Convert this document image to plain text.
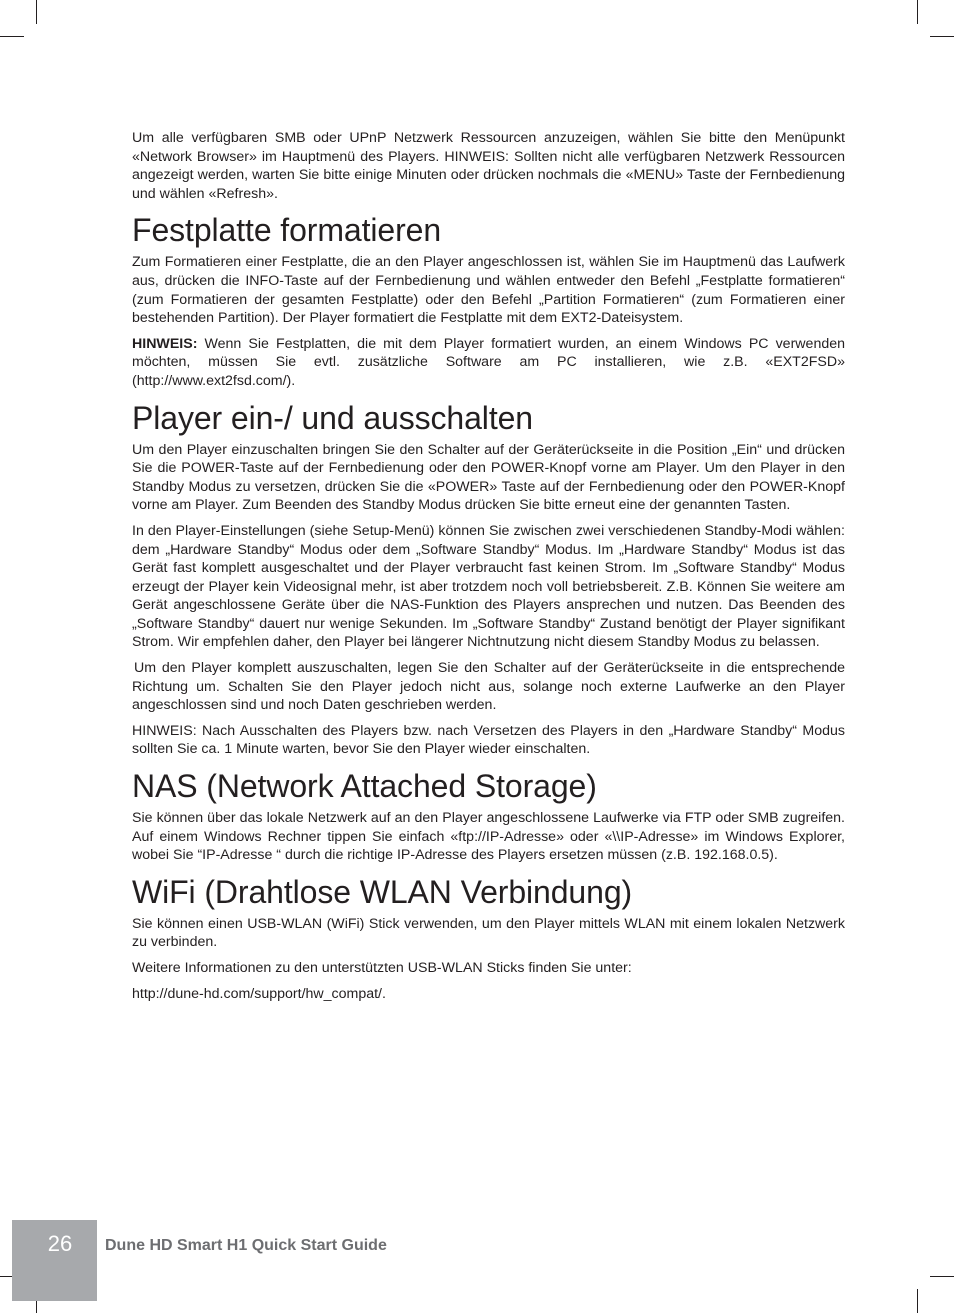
Um alle verfügbaren SMB oder UPnP Netzwerk Ressourcen anzuzeigen, wählen Sie bitte den Menüpunkt «Network Browser» im Hauptmenü des Players. HINWEIS: Sollten nicht alle verfügbaren Netzwerk Ressourcen angezeigt werden, warten Sie bitte einige Minuten oder drücken nochmals die «MENU» Taste der Fernbedienung und wählen «Refresh».

Festplatte formatieren

Zum Formatieren einer Festplatte, die an den Player angeschlossen ist, wählen Sie im Hauptmenü das Laufwerk aus, drücken die INFO-Taste auf der Fernbedienung und wählen entweder den Befehl „Festplatte formatieren“ (zum Formatieren der gesamten Festplatte) oder den Befehl „Partition Formatieren“ (zum Formatieren einer bestehenden Partition). Der Player formatiert die Festplatte mit dem EXT2-Dateisystem.

HINWEIS: Wenn Sie Festplatten, die mit dem Player formatiert wurden, an einem Windows PC verwenden möchten, müssen Sie evtl. zusätzliche Software am PC installieren, wie z.B. «EXT2FSD» (http://www.ext2fsd.com/).

Player ein-/ und ausschalten

Um den Player einzuschalten bringen Sie den Schalter auf der Geräterückseite in die Position „Ein“ und drücken Sie die POWER-Taste auf der Fernbedienung oder den POWER-Knopf vorne am Player. Um den Player in den Standby Modus zu versetzen, drücken Sie die «POWER» Taste auf der Fernbedienung oder den POWER-Knopf vorne am Player. Zum Beenden des Standby Modus drücken Sie bitte erneut eine der genannten Tasten.

In den Player-Einstellungen (siehe Setup-Menü) können Sie zwischen zwei verschiedenen Standby-Modi wählen: dem „Hardware Standby“ Modus oder dem „Software Standby“ Modus. Im „Hardware Standby“ Modus ist das Gerät fast komplett ausgeschaltet und der Player verbraucht fast keinen Strom. Im „Software Standby“ Modus erzeugt der Player kein Videosignal mehr, ist aber trotzdem noch voll betriebsbereit. Z.B. Können Sie weitere am Gerät angeschlossene Geräte über die NAS-Funktion des Players ansprechen und nutzen. Das Beenden des „Software Standby“ dauert nur wenige Sekunden. Im „Software Standby“ Zustand benötigt der Player signifikant Strom. Wir empfehlen daher, den Player bei längerer Nichtnutzung nicht diesem Standby Modus zu belassen.

Um den Player komplett auszuschalten, legen Sie den Schalter auf der Geräterückseite in die entsprechende Richtung um. Schalten Sie den Player jedoch nicht aus, solange noch externe Laufwerke an den Player angeschlossen sind und noch Daten geschrieben werden.

HINWEIS: Nach Ausschalten des Players bzw. nach Versetzen des Players in den „Hardware Standby“ Modus sollten Sie ca. 1 Minute warten, bevor Sie den Player wieder einschalten.

NAS (Network Attached Storage)

Sie können über das lokale Netzwerk auf an den Player angeschlossene Laufwerke via FTP oder SMB zugreifen. Auf einem Windows Rechner tippen Sie einfach «ftp://IP-Adresse» oder «\\IP-Adresse» im Windows Explorer, wobei Sie “IP-Adresse “ durch die richtige IP-Adresse des Players ersetzen müssen (z.B. 192.168.0.5).

WiFi (Drahtlose WLAN Verbindung)

Sie können einen USB-WLAN (WiFi) Stick verwenden, um den Player mittels WLAN mit einem lokalen Netzwerk zu verbinden.

Weitere Informationen zu den unterstützten USB-WLAN Sticks finden Sie unter:

http://dune-hd.com/support/hw_compat/.

26	Dune HD Smart H1 Quick Start Guide
